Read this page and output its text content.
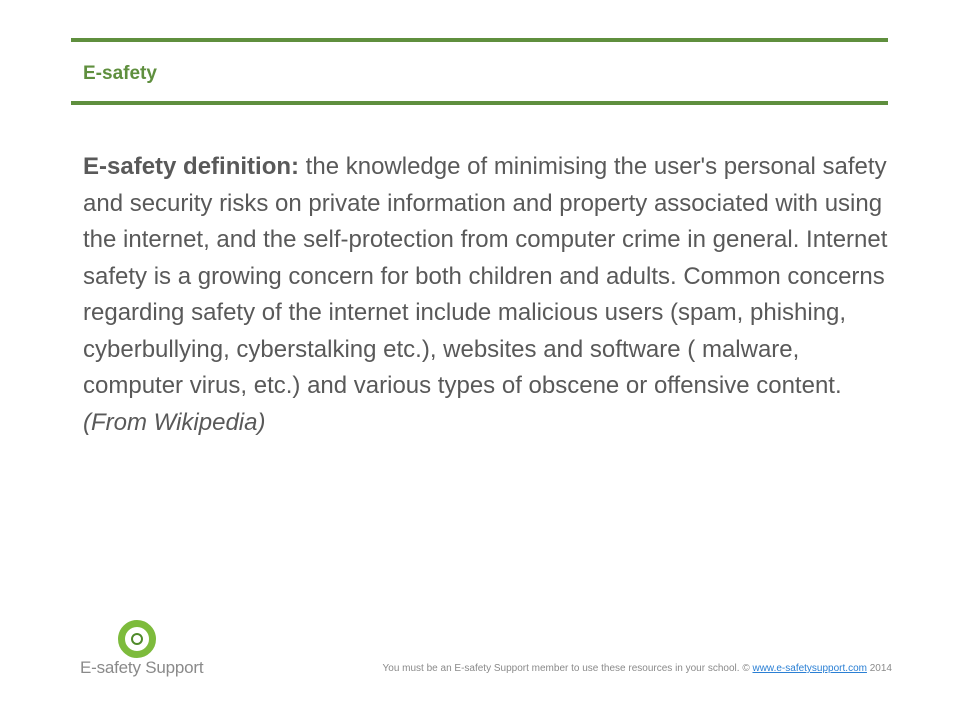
E-safety
E-safety definition: the knowledge of minimising the user's personal safety and security risks on private information and property associated with using the internet, and the self-protection from computer crime in general. Internet safety is a growing concern for both children and adults. Common concerns regarding safety of the internet include malicious users (spam, phishing, cyberbullying, cyberstalking etc.), websites and software ( malware, computer virus, etc.) and various types of obscene or offensive content.(From Wikipedia)
E-safety Support	You must be an E-safety Support member to use these resources in your school. © www.e-safetysupport.com 2014
